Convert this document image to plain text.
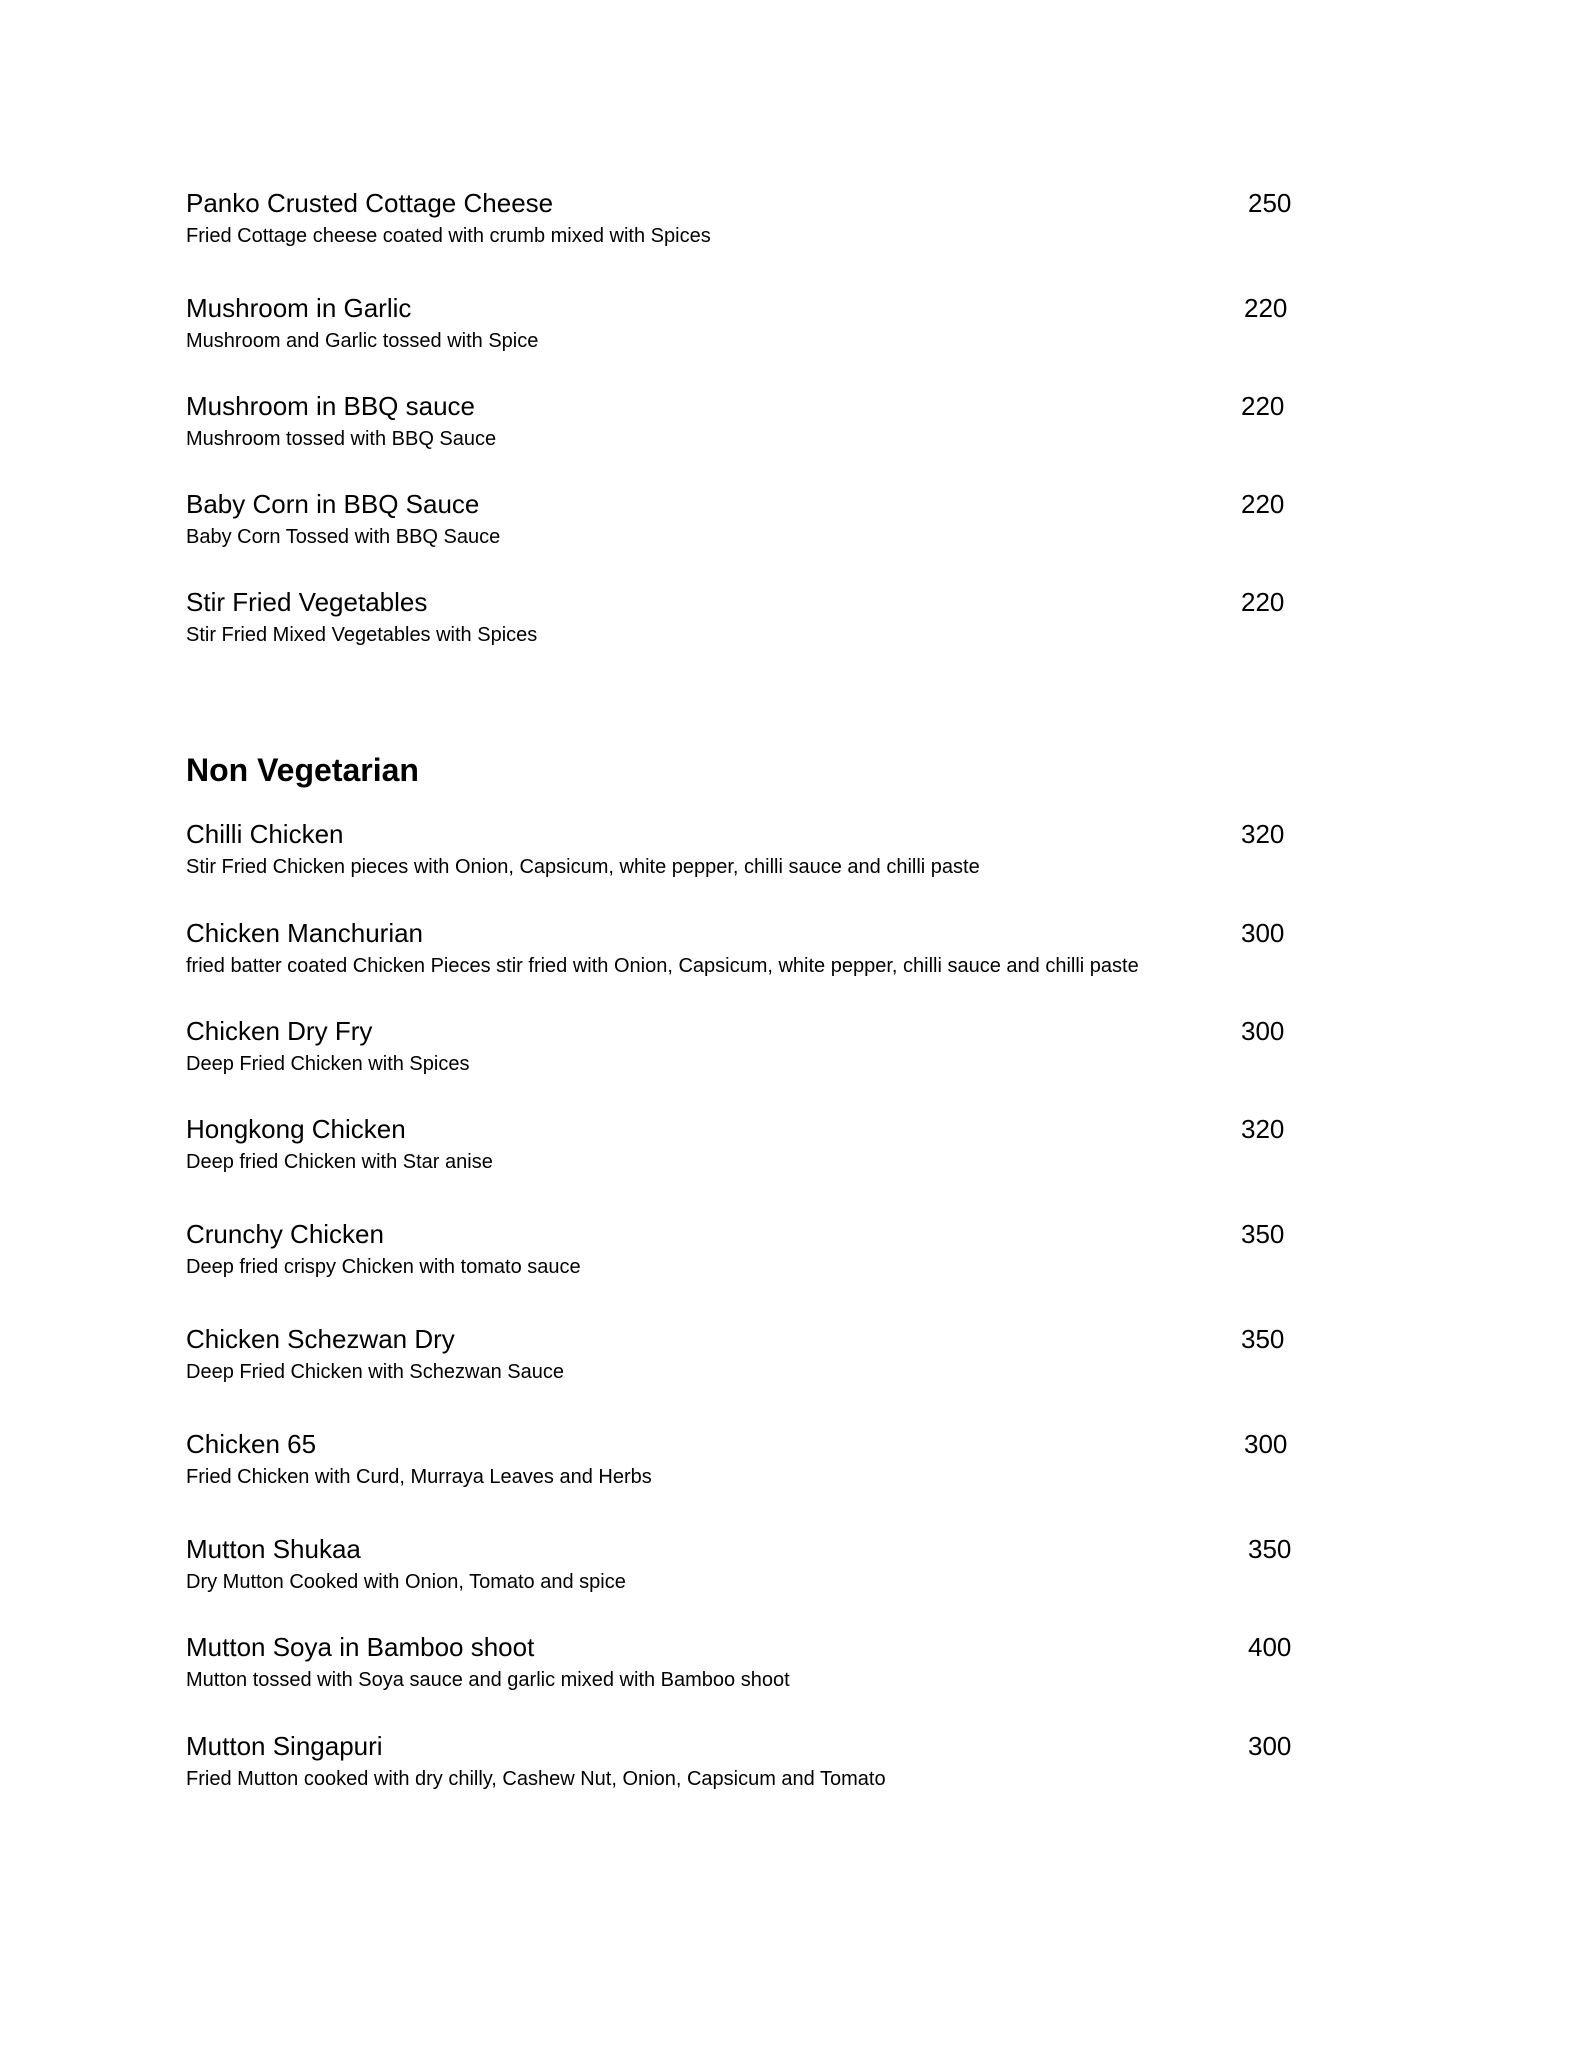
Panko Crusted Cottage Cheese	250
Fried Cottage cheese coated with crumb mixed with Spices
Mushroom in Garlic	220
Mushroom and Garlic tossed with Spice
Mushroom in BBQ sauce	220
Mushroom tossed with BBQ Sauce
Baby Corn in BBQ Sauce	220
Baby Corn Tossed with BBQ Sauce
Stir Fried Vegetables	220
Stir Fried Mixed Vegetables with Spices
Non Vegetarian
Chilli Chicken	320
Stir Fried Chicken pieces with Onion, Capsicum, white pepper, chilli sauce and chilli paste
Chicken Manchurian	300
fried batter coated Chicken Pieces stir fried with Onion, Capsicum, white pepper, chilli sauce and chilli paste
Chicken Dry Fry	300
Deep Fried Chicken with Spices
Hongkong Chicken	320
Deep fried Chicken with Star anise
Crunchy Chicken	350
Deep fried crispy Chicken with tomato sauce
Chicken Schezwan Dry	350
Deep Fried Chicken with Schezwan Sauce
Chicken 65	300
Fried Chicken with Curd, Murraya Leaves and Herbs
Mutton Shukaa	350
Dry Mutton Cooked with Onion, Tomato and spice
Mutton Soya in Bamboo shoot	400
Mutton tossed with Soya sauce and garlic mixed with Bamboo shoot
Mutton Singapuri	300
Fried Mutton cooked with dry chilly, Cashew Nut, Onion, Capsicum and Tomato
